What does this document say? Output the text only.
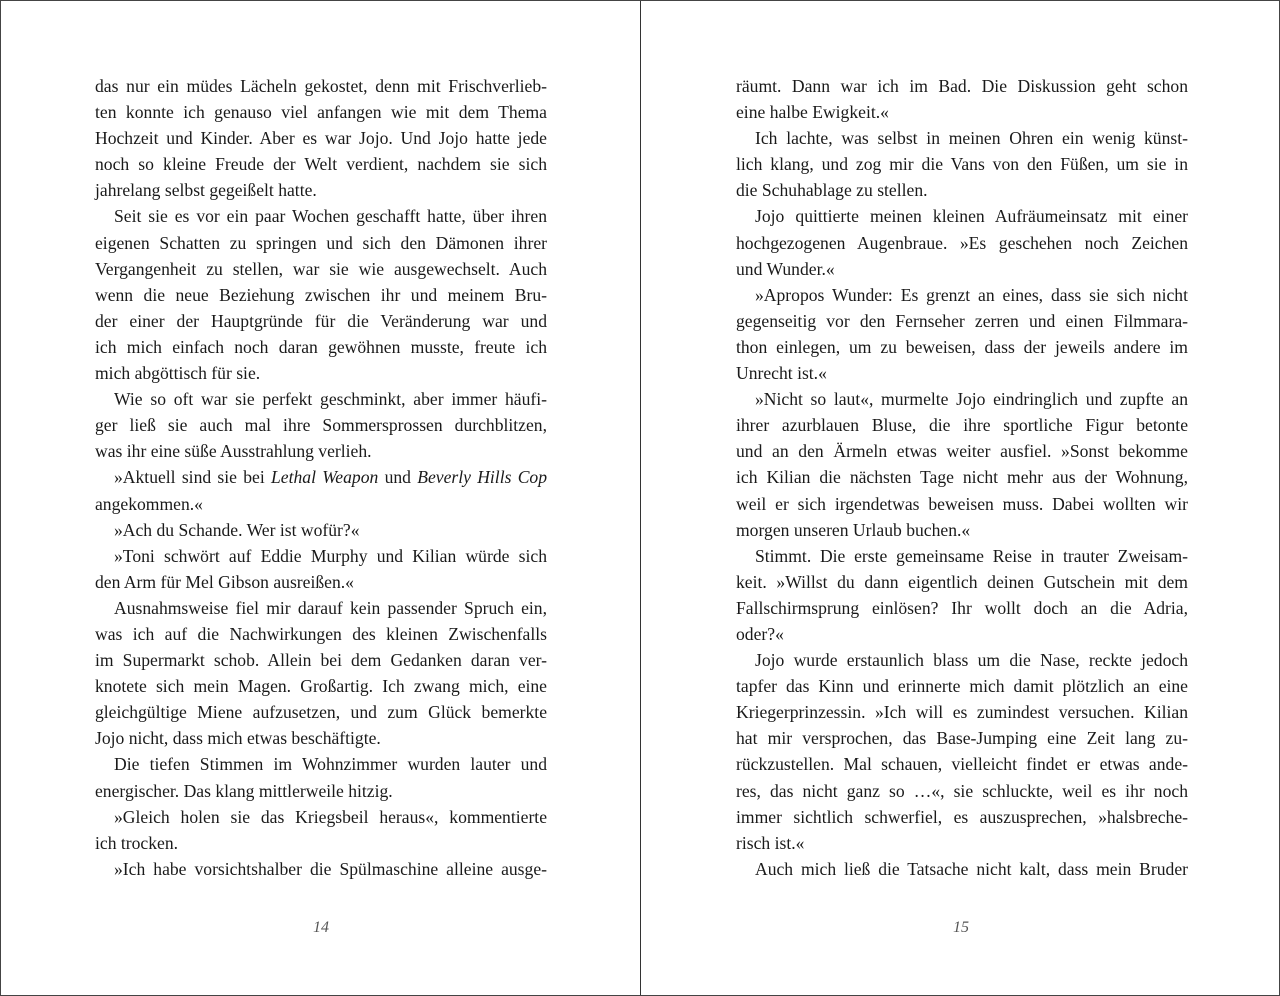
das nur ein müdes Lächeln gekostet, denn mit Frischverlieb-
ten konnte ich genauso viel anfangen wie mit dem Thema
Hochzeit und Kinder. Aber es war Jojo. Und Jojo hatte jede
noch so kleine Freude der Welt verdient, nachdem sie sich
jahrelang selbst gegeißelt hatte.
Seit sie es vor ein paar Wochen geschafft hatte, über ihren
eigenen Schatten zu springen und sich den Dämonen ihrer
Vergangenheit zu stellen, war sie wie ausgewechselt. Auch
wenn die neue Beziehung zwischen ihr und meinem Bru-
der einer der Hauptgründe für die Veränderung war und
ich mich einfach noch daran gewöhnen musste, freute ich
mich abgöttisch für sie.
Wie so oft war sie perfekt geschminkt, aber immer häufi-
ger ließ sie auch mal ihre Sommersprossen durchblitzen,
was ihr eine süße Ausstrahlung verlieh.
»Aktuell sind sie bei Lethal Weapon und Beverly Hills Cop
angekommen.«
»Ach du Schande. Wer ist wofür?«
»Toni schwört auf Eddie Murphy und Kilian würde sich
den Arm für Mel Gibson ausreißen.«
Ausnahmsweise fiel mir darauf kein passender Spruch ein,
was ich auf die Nachwirkungen des kleinen Zwischenfalls
im Supermarkt schob. Allein bei dem Gedanken daran ver-
knotete sich mein Magen. Großartig. Ich zwang mich, eine
gleichgültige Miene aufzusetzen, und zum Glück bemerkte
Jojo nicht, dass mich etwas beschäftigte.
Die tiefen Stimmen im Wohnzimmer wurden lauter und
energischer. Das klang mittlerweile hitzig.
»Gleich holen sie das Kriegsbeil heraus«, kommentierte
ich trocken.
»Ich habe vorsichtshalber die Spülmaschine alleine ausge-
räumt. Dann war ich im Bad. Die Diskussion geht schon
eine halbe Ewigkeit.«
Ich lachte, was selbst in meinen Ohren ein wenig künst-
lich klang, und zog mir die Vans von den Füßen, um sie in
die Schuhablage zu stellen.
Jojo quittierte meinen kleinen Aufräumeinsatz mit einer
hochgezogenen Augenbraue. »Es geschehen noch Zeichen
und Wunder.«
»Apropos Wunder: Es grenzt an eines, dass sie sich nicht
gegenseitig vor den Fernseher zerren und einen Filmmara-
thon einlegen, um zu beweisen, dass der jeweils andere im
Unrecht ist.«
»Nicht so laut«, murmelte Jojo eindringlich und zupfte an
ihrer azurblauen Bluse, die ihre sportliche Figur betonte
und an den Ärmeln etwas weiter ausfiel. »Sonst bekomme
ich Kilian die nächsten Tage nicht mehr aus der Wohnung,
weil er sich irgendetwas beweisen muss. Dabei wollten wir
morgen unseren Urlaub buchen.«
Stimmt. Die erste gemeinsame Reise in trauter Zweisam-
keit. »Willst du dann eigentlich deinen Gutschein mit dem
Fallschirmsprung einlösen? Ihr wollt doch an die Adria,
oder?«
Jojo wurde erstaunlich blass um die Nase, reckte jedoch
tapfer das Kinn und erinnerte mich damit plötzlich an eine
Kriegerprinzessin. »Ich will es zumindest versuchen. Kilian
hat mir versprochen, das Base-Jumping eine Zeit lang zu-
rückzustellen. Mal schauen, vielleicht findet er etwas ande-
res, das nicht ganz so …«, sie schluckte, weil es ihr noch
immer sichtlich schwerfiel, es auszusprechen, »halsbreche-
risch ist.«
Auch mich ließ die Tatsache nicht kalt, dass mein Bruder
14	15
